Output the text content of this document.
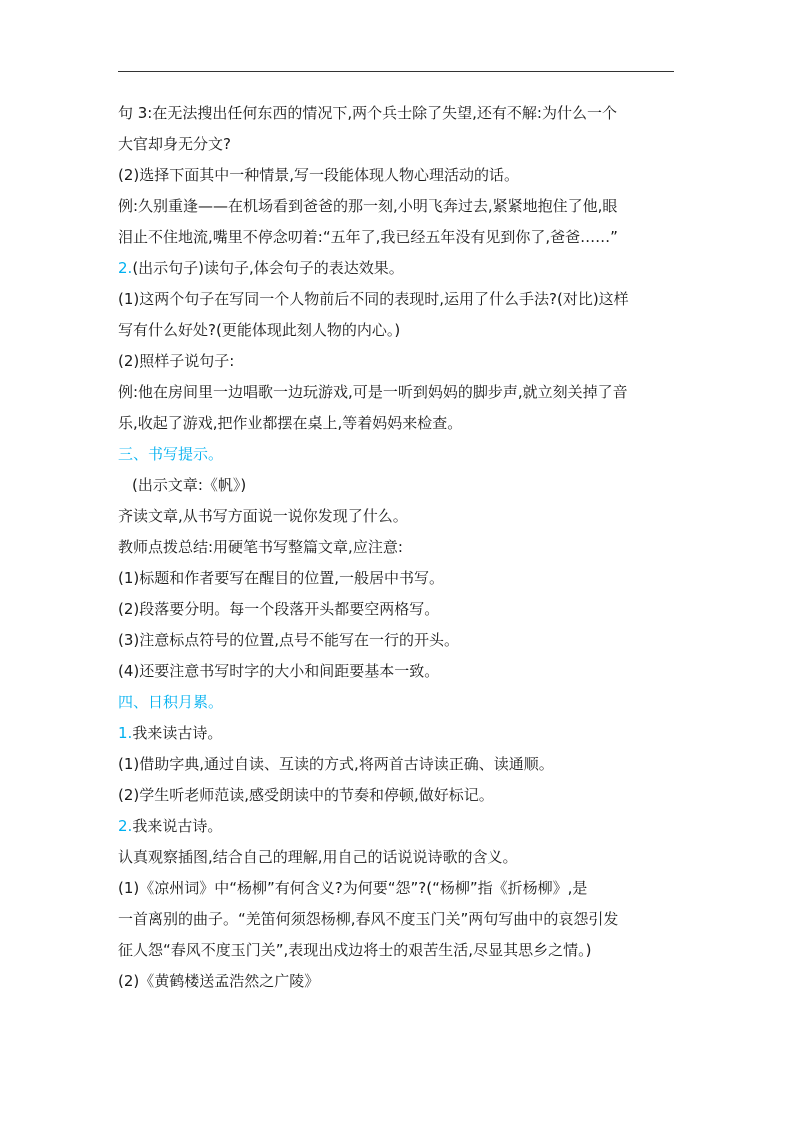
句 3:在无法搜出任何东西的情况下,两个兵士除了失望,还有不解:为什么一个

大官却身无分文?

(2)选择下面其中一种情景,写一段能体现人物心理活动的话。

例:久别重逢——在机场看到爸爸的那一刻,小明飞奔过去,紧紧地抱住了他,眼

泪止不住地流,嘴里不停念叨着:“五年了,我已经五年没有见到你了,爸爸……”

2.(出示句子)读句子,体会句子的表达效果。

(1)这两个句子在写同一个人物前后不同的表现时,运用了什么手法?(对比)这样

写有什么好处?(更能体现此刻人物的内心。)

(2)照样子说句子:

例:他在房间里一边唱歌一边玩游戏,可是一听到妈妈的脚步声,就立刻关掉了音

乐,收起了游戏,把作业都摆在桌上,等着妈妈来检查。

三、书写提示。

(出示文章:《帆》)

齐读文章,从书写方面说一说你发现了什么。

教师点拨总结:用硬笔书写整篇文章,应注意:

(1)标题和作者要写在醒目的位置,一般居中书写。

(2)段落要分明。每一个段落开头都要空两格写。

(3)注意标点符号的位置,点号不能写在一行的开头。

(4)还要注意书写时字的大小和间距要基本一致。

四、日积月累。

1.我来读古诗。

(1)借助字典,通过自读、互读的方式,将两首古诗读正确、读通顺。

(2)学生听老师范读,感受朗读中的节奏和停顿,做好标记。

2.我来说古诗。

认真观察插图,结合自己的理解,用自己的话说说诗歌的含义。

(1)《凉州词》中“杨柳”有何含义?为何要“怨”?(“杨柳”指《折杨柳》,是

一首离别的曲子。“羌笛何须怨杨柳,春风不度玉门关”两句写曲中的哀怨引发

征人怨“春风不度玉门关”,表现出戍边将士的艰苦生活,尽显其思乡之情。)

(2)《黄鹤楼送孟浩然之广陵》
